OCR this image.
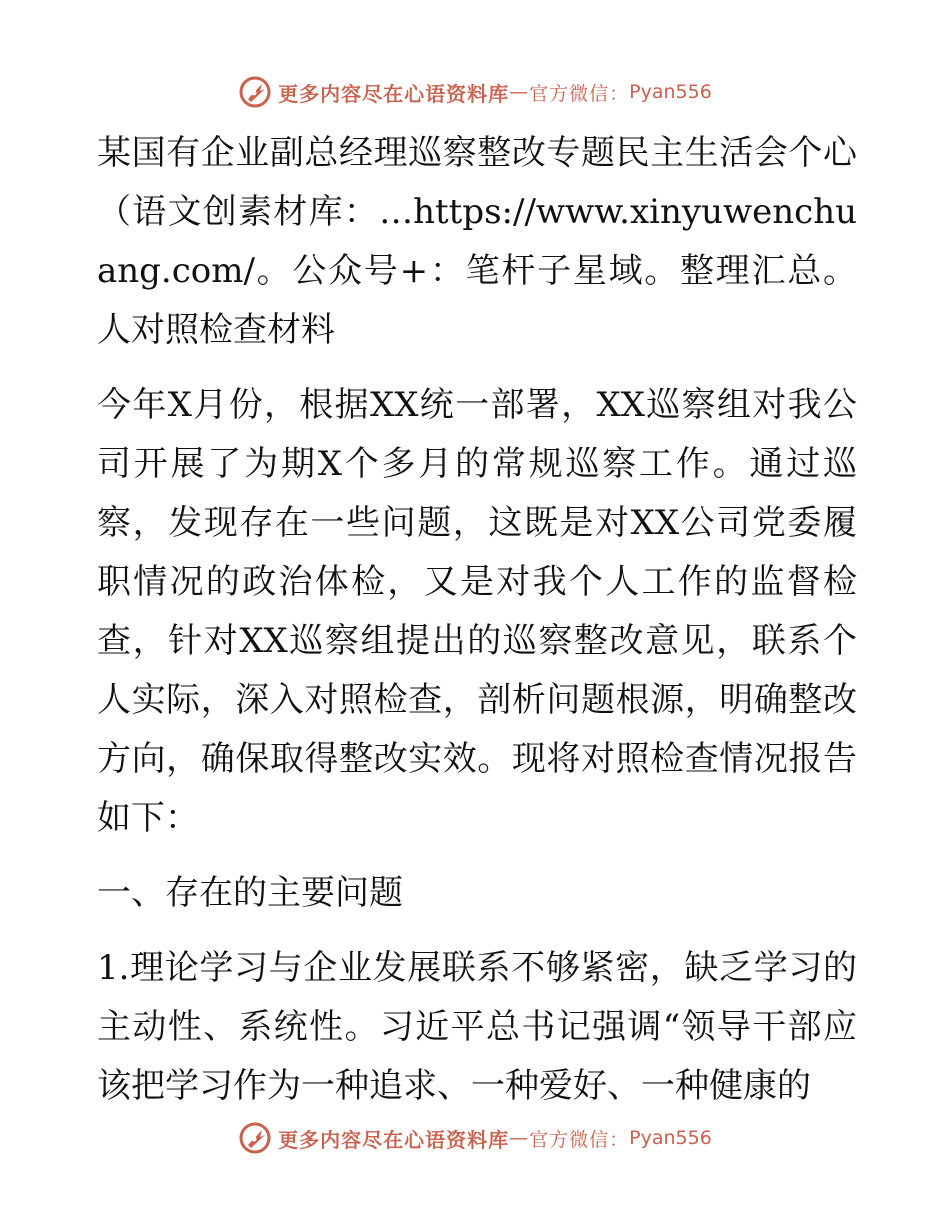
更多内容尽在心语资料库 — 官方微信： Pyan556

某国有企业副总经理巡察整改专题民主生活会个心（语文创素材库：…https://www.xinyuwenchuang.com/。公众号+：笔杆子星域。整理汇总。人对照检查材料

今年X月份，根据XX统一部署，XX巡察组对我公司开展了为期X个多月的常规巡察工作。通过巡察，发现存在一些问题，这既是对XX公司党委履职情况的政治体检，又是对我个人工作的监督检查，针对XX巡察组提出的巡察整改意见，联系个人实际，深入对照检查，剖析问题根源，明确整改方向，确保取得整改实效。现将对照检查情况报告如下：

一、存在的主要问题

1.理论学习与企业发展联系不够紧密，缺乏学习的主动性、系统性。习近平总书记强调“领导干部应该把学习作为一种追求、一种爱好、一种健康的

更多内容尽在心语资料库 — 官方微信： Pyan556
